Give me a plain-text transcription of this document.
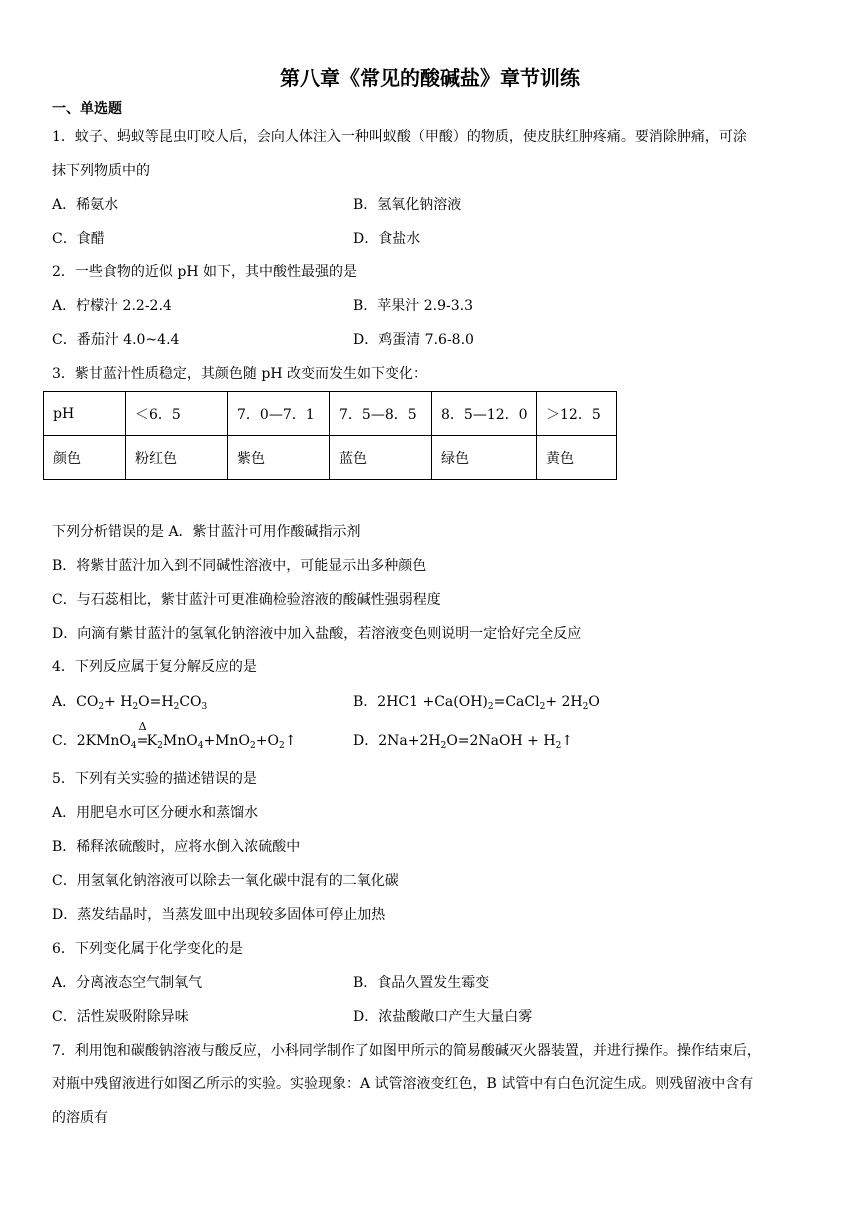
第八章《常见的酸碱盐》章节训练
一、单选题
1．蚊子、蚂蚁等昆虫叮咬人后，会向人体注入一种叫蚁酸（甲酸）的物质，使皮肤红肿疼痛。要消除肿痛，可涂
抹下列物质中的
A．稀氨水	B．氢氧化钠溶液
C．食醋	D．食盐水
2．一些食物的近似 pH 如下，其中酸性最强的是
A．柠檬汁 2.2-2.4	B．苹果汁 2.9-3.3
C．番茄汁 4.0~4.4	D．鸡蛋清 7.6-8.0
3．紫甘蓝汁性质稳定，其颜色随 pH 改变而发生如下变化：
pH	＜6．5	7．0—7．1	7．5—8．5	8．5—12．0	＞12．5
颜色	粉红色	紫色	蓝色	绿色	黄色
下列分析错误的是 A．紫甘蓝汁可用作酸碱指示剂
B．将紫甘蓝汁加入到不同碱性溶液中，可能显示出多种颜色
C．与石蕊相比，紫甘蓝汁可更准确检验溶液的酸碱性强弱程度
D．向滴有紫甘蓝汁的氢氧化钠溶液中加入盐酸，若溶液变色则说明一定恰好完全反应
4．下列反应属于复分解反应的是
A．$CO_2+ H_2O=H_2CO_3$	B．$2HC1 +Ca(OH)_2=CaCl_2+ 2H_2O$
C．2KMnO$_4$
Δ
$=K_2MnO_4+MnO_2+O_2↑$	D．$2Na+2H_2O=2NaOH$ + $H_2↑$
5．下列有关实验的描述错误的是
A．用肥皂水可区分硬水和蒸馏水
B．稀释浓硫酸时，应将水倒入浓硫酸中
C．用氢氧化钠溶液可以除去一氧化碳中混有的二氧化碳
D．蒸发结晶时，当蒸发皿中出现较多固体可停止加热
6．下列变化属于化学变化的是
A．分离液态空气制氧气	B．食品久置发生霉变
C．活性炭吸附除异味	D．浓盐酸敞口产生大量白雾
7．利用饱和碳酸钠溶液与酸反应，小科同学制作了如图甲所示的简易酸碱灭火器装置，并进行操作。操作结束后，
对瓶中残留液进行如图乙所示的实验。实验现象：A 试管溶液变红色，B 试管中有白色沉淀生成。则残留液中含有
的溶质有
